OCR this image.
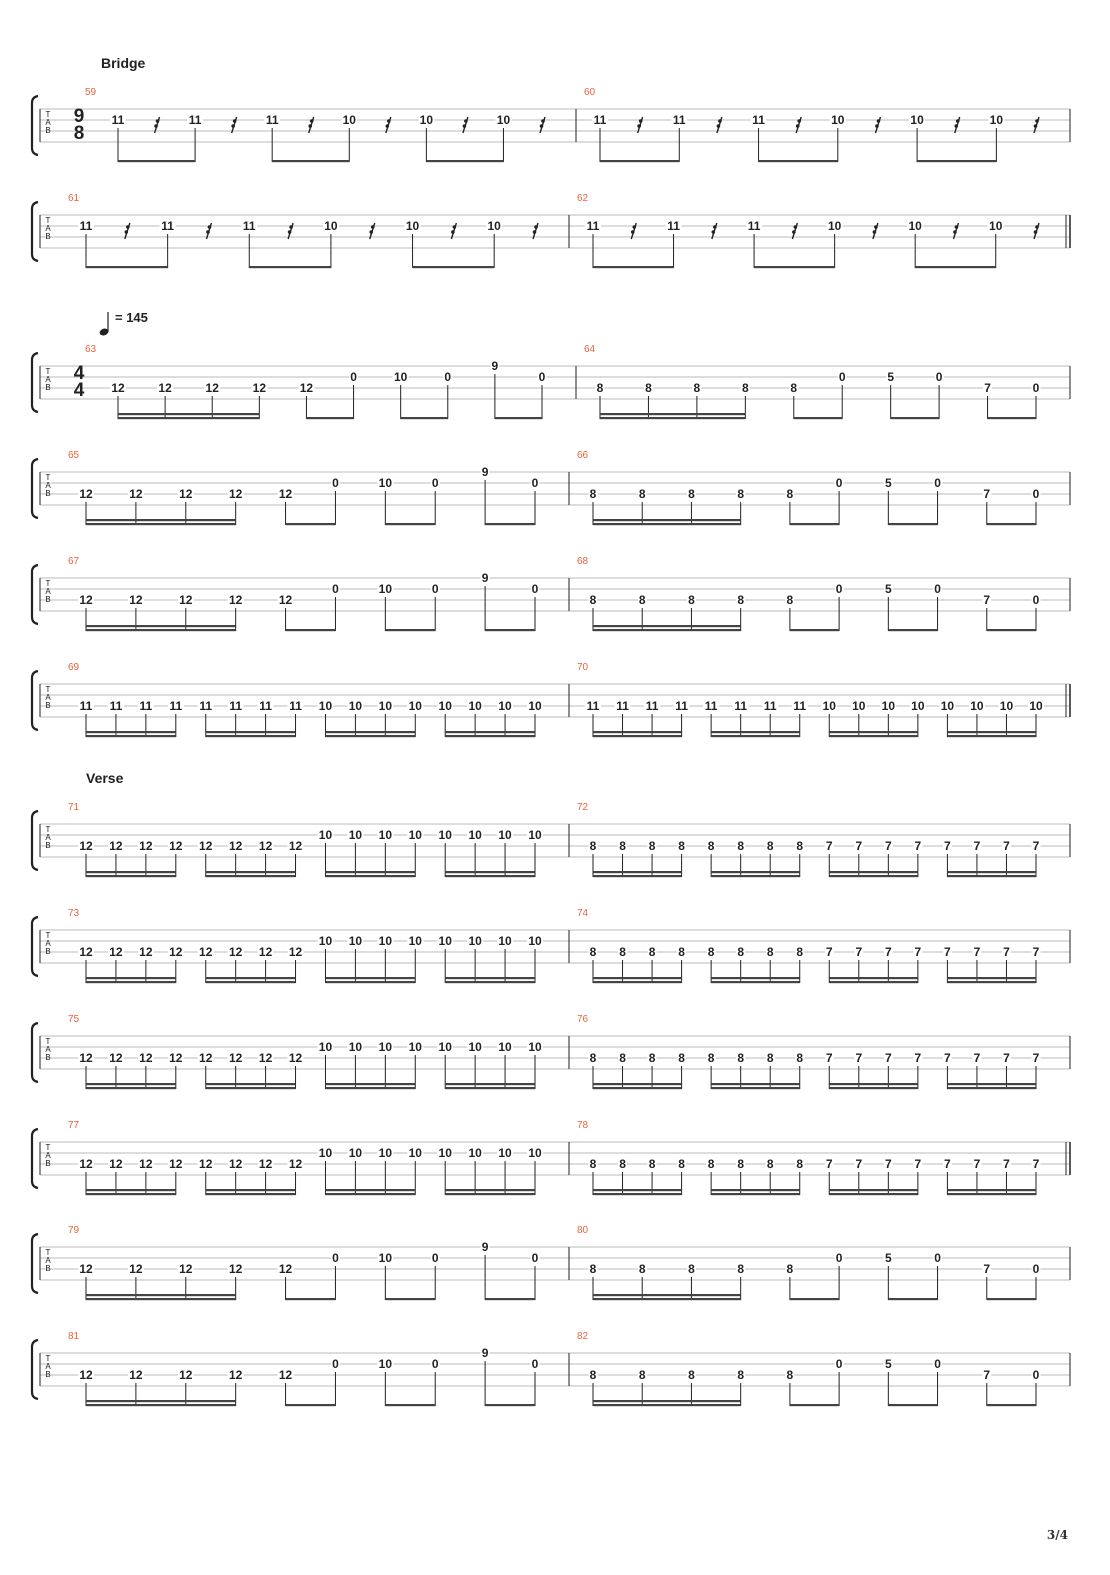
T
A
B
Bridge
9
8
59
11	11	11	10	10	10
60
11	11	11	10	10	10
T
A
B
61
11	11	11	10	10	10
62
11	11	11	10	10	10
T
A
B
= 145
4
4
63
12	12	12	12	12
0	10	0
9
0
64
8	8	8	8	8
0	5	0
7	0
T
A
B
65
12	12	12	12	12
0	10	0
9
0
66
8	8	8	8	8
0	5	0
7	0
T
A
B
67
12	12	12	12	12
0	10	0
9
0
68
8	8	8	8	8
0	5	0
7	0
T
A
B
69
11 11 11 11 11 11 11 11 10 10 10 10 10 10 10 10
70
11 11 11 11 11 11 11 11 10 10 10 10 10 10 10 10
T
A
B
Verse
71
12 12 12 12 12 12 12 12
10 10 10 10 10 10 10 10
72
8 8 8 8 8 8 8 8 7 7 7 7 7 7 7 7
T
A
B
73
12 12 12 12 12 12 12 12
10 10 10 10 10 10 10 10
74
8 8 8 8 8 8 8 8 7 7 7 7 7 7 7 7
T
A
B
75
12 12 12 12 12 12 12 12
10 10 10 10 10 10 10 10
76
8 8 8 8 8 8 8 8 7 7 7 7 7 7 7 7
T
A
B
77
12 12 12 12 12 12 12 12
10 10 10 10 10 10 10 10
78
8 8 8 8 8 8 8 8 7 7 7 7 7 7 7 7
T
A
B
79
12	12	12	12	12
0	10	0
9
0
80
8	8	8	8	8
0	5	0
7	0
T
A
B
81
12	12	12	12	12
0	10	0
9
0
82
8	8	8	8	8
0	5	0
7	0
3/4
